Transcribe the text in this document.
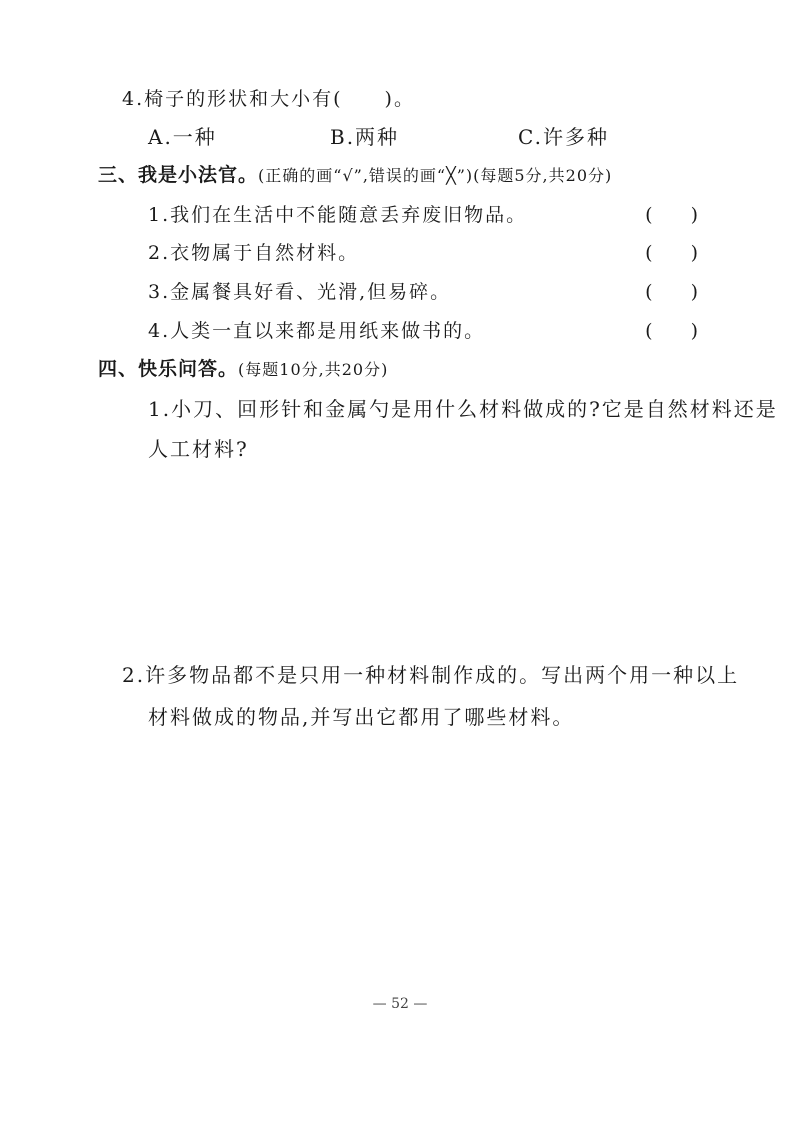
4.椅子的形状和大小有(　　)。
A.一种	B.两种	C.许多种
三、我是小法官。(正确的画“√”,错误的画“╳”)(每题5分,共20分)
1.我们在生活中不能随意丢弃废旧物品。	(　　)
2.衣物属于自然材料。	(　　)
3.金属餐具好看、光滑,但易碎。	(　　)
4.人类一直以来都是用纸来做书的。	(　　)
四、快乐问答。(每题10分,共20分)
1.小刀、回形针和金属勺是用什么材料做成的?它是自然材料还是
人工材料?
2.许多物品都不是只用一种材料制作成的。写出两个用一种以上
材料做成的物品,并写出它都用了哪些材料。
— 52 —
